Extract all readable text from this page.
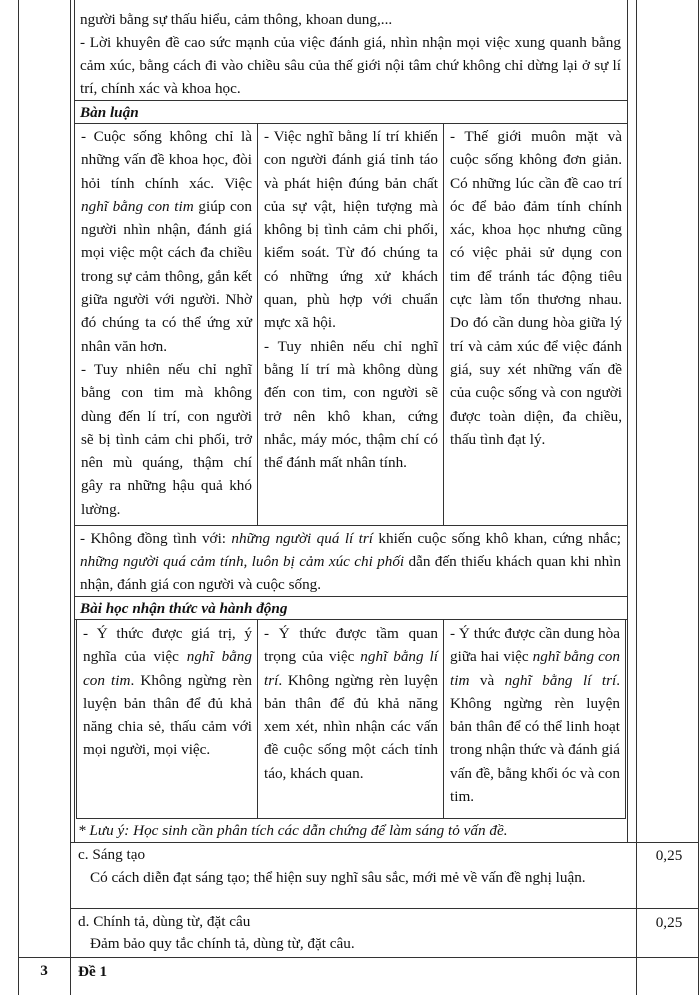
người bằng sự thấu hiểu, cảm thông, khoan dung,...

- Lời khuyên đề cao sức mạnh của việc đánh giá, nhìn nhận mọi việc xung quanh bằng cảm xúc, bằng cách đi vào chiều sâu của thế giới nội tâm chứ không chỉ dừng lại ở sự lí trí, chính xác và khoa học.

Bàn luận

- Cuộc sống không chỉ là những vấn đề khoa học, đòi hỏi tính chính xác. Việc nghĩ bằng con tim giúp con người nhìn nhận, đánh giá mọi việc một cách đa chiều trong sự cảm thông, gắn kết giữa người với người. Nhờ đó chúng ta có thể ứng xử nhân văn hơn.

- Tuy nhiên nếu chỉ nghĩ bằng con tim mà không dùng đến lí trí, con người sẽ bị tình cảm chi phối, trở nên mù quáng, thậm chí gây ra những hậu quả khó lường.

- Việc nghĩ bằng lí trí khiến con người đánh giá tỉnh táo và phát hiện đúng bản chất của sự vật, hiện tượng mà không bị tình cảm chi phối, kiểm soát. Từ đó chúng ta có những ứng xử khách quan, phù hợp với chuẩn mực xã hội.

- Tuy nhiên nếu chỉ nghĩ bằng lí trí mà không dùng đến con tim, con người sẽ trở nên khô khan, cứng nhắc, máy móc, thậm chí có thể đánh mất nhân tính.

- Thế giới muôn mặt và cuộc sống không đơn giản. Có những lúc cần đề cao trí óc để bảo đảm tính chính xác, khoa học nhưng cũng có việc phải sử dụng con tim để tránh tác động tiêu cực làm tổn thương nhau. Do đó cần dung hòa giữa lý trí và cảm xúc để việc đánh giá, suy xét những vấn đề của cuộc sống và con người được toàn diện, đa chiều, thấu tình đạt lý.

- Không đồng tình với: những người quá lí trí khiến cuộc sống khô khan, cứng nhắc; những người quá cảm tính, luôn bị cảm xúc chi phối dẫn đến thiếu khách quan khi nhìn nhận, đánh giá con người và cuộc sống.

Bài học nhận thức và hành động

- Ý thức được giá trị, ý nghĩa của việc nghĩ bằng con tim. Không ngừng rèn luyện bản thân để đủ khả năng chia sẻ, thấu cảm với mọi người, mọi việc.

- Ý thức được tầm quan trọng của việc nghĩ bằng lí trí. Không ngừng rèn luyện bản thân để đủ khả năng xem xét, nhìn nhận các vấn đề cuộc sống một cách tỉnh táo, khách quan.

- Ý thức được cần dung hòa giữa hai việc nghĩ bằng con tim và nghĩ bằng lí trí. Không ngừng rèn luyện bản thân để có thể linh hoạt trong nhận thức và đánh giá vấn đề, bằng khối óc và con tim.

* Lưu ý: Học sinh cần phân tích các dẫn chứng để làm sáng tỏ vấn đề.
c. Sáng tạo
Có cách diễn đạt sáng tạo; thể hiện suy nghĩ sâu sắc, mới mẻ về vấn đề nghị luận.
0,25
d. Chính tả, dùng từ, đặt câu
Đảm bảo quy tắc chính tả, dùng từ, đặt câu.
0,25
3	Đề 1
